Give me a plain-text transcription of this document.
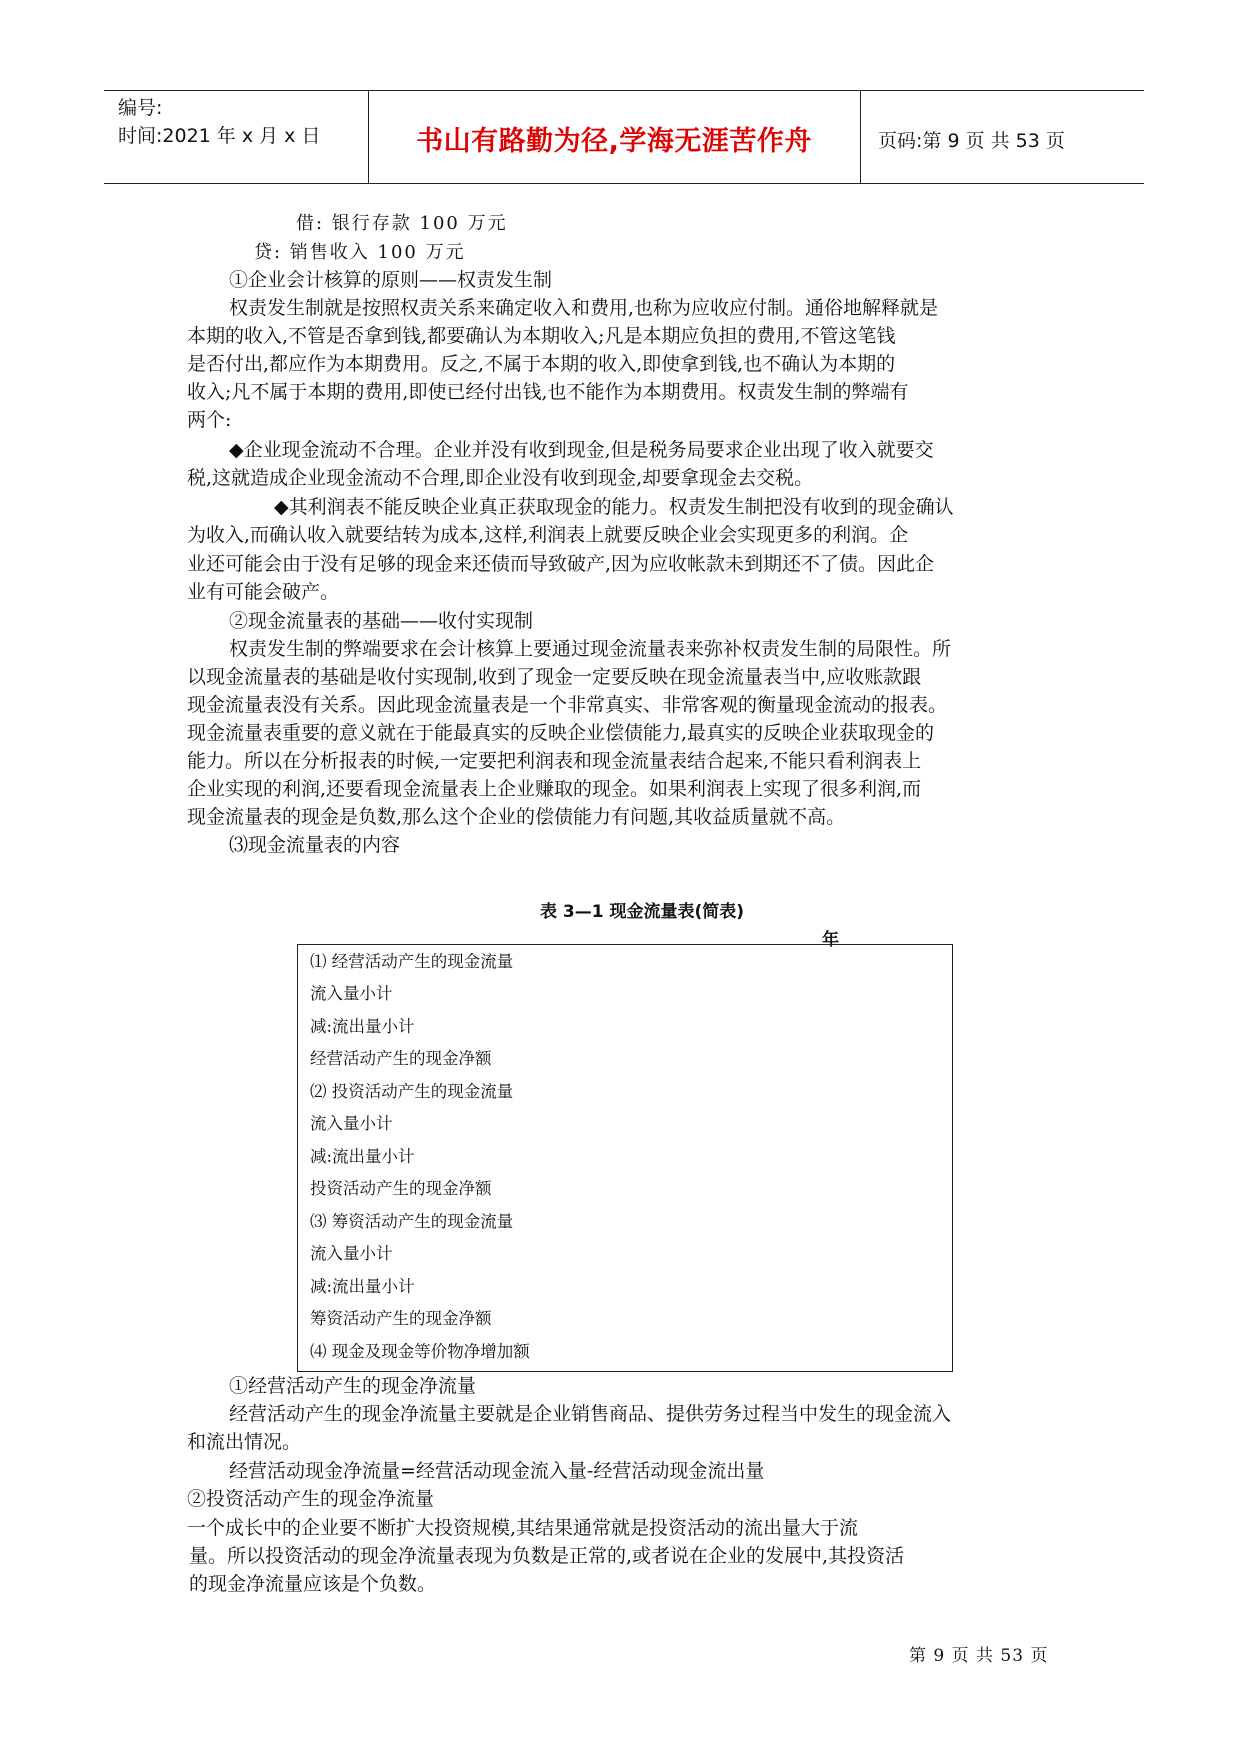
编号:
时间:2021 年 x 月 x 日	书山有路勤为径,学海无涯苦作舟	页码:第 9 页 共 53 页
借: 银行存款 100 万元
贷: 销售收入 100 万元
①企业会计核算的原则——权责发生制
权责发生制就是按照权责关系来确定收入和费用,也称为应收应付制。通俗地解释就是
本期的收入,不管是否拿到钱,都要确认为本期收入;凡是本期应负担的费用,不管这笔钱
是否付出,都应作为本期费用。反之,不属于本期的收入,即使拿到钱,也不确认为本期的
收入;凡不属于本期的费用,即使已经付出钱,也不能作为本期费用。权责发生制的弊端有
两个:
◆企业现金流动不合理。企业并没有收到现金,但是税务局要求企业出现了收入就要交
税,这就造成企业现金流动不合理,即企业没有收到现金,却要拿现金去交税。
◆其利润表不能反映企业真正获取现金的能力。权责发生制把没有收到的现金确认
为收入,而确认收入就要结转为成本,这样,利润表上就要反映企业会实现更多的利润。企
业还可能会由于没有足够的现金来还债而导致破产,因为应收帐款未到期还不了债。因此企
业有可能会破产。
②现金流量表的基础——收付实现制
权责发生制的弊端要求在会计核算上要通过现金流量表来弥补权责发生制的局限性。所
以现金流量表的基础是收付实现制,收到了现金一定要反映在现金流量表当中,应收账款跟
现金流量表没有关系。因此现金流量表是一个非常真实、非常客观的衡量现金流动的报表。
现金流量表重要的意义就在于能最真实的反映企业偿债能力,最真实的反映企业获取现金的
能力。所以在分析报表的时候,一定要把利润表和现金流量表结合起来,不能只看利润表上
企业实现的利润,还要看现金流量表上企业赚取的现金。如果利润表上实现了很多利润,而
现金流量表的现金是负数,那么这个企业的偿债能力有问题,其收益质量就不高。
⑶现金流量表的内容
表 3—1 现金流量表(简表)
年
⑴ 经营活动产生的现金流量
流入量小计
减:流出量小计
经营活动产生的现金净额
⑵ 投资活动产生的现金流量
流入量小计
减:流出量小计
投资活动产生的现金净额
⑶ 筹资活动产生的现金流量
流入量小计
减:流出量小计
筹资活动产生的现金净额
⑷ 现金及现金等价物净增加额
①经营活动产生的现金净流量
经营活动产生的现金净流量主要就是企业销售商品、提供劳务过程当中发生的现金流入
和流出情况。
经营活动现金净流量=经营活动现金流入量-经营活动现金流出量
②投资活动产生的现金净流量
一个成长中的企业要不断扩大投资规模,其结果通常就是投资活动的流出量大于流
量。所以投资活动的现金净流量表现为负数是正常的,或者说在企业的发展中,其投资活
的现金净流量应该是个负数。
第 9 页 共 53 页
